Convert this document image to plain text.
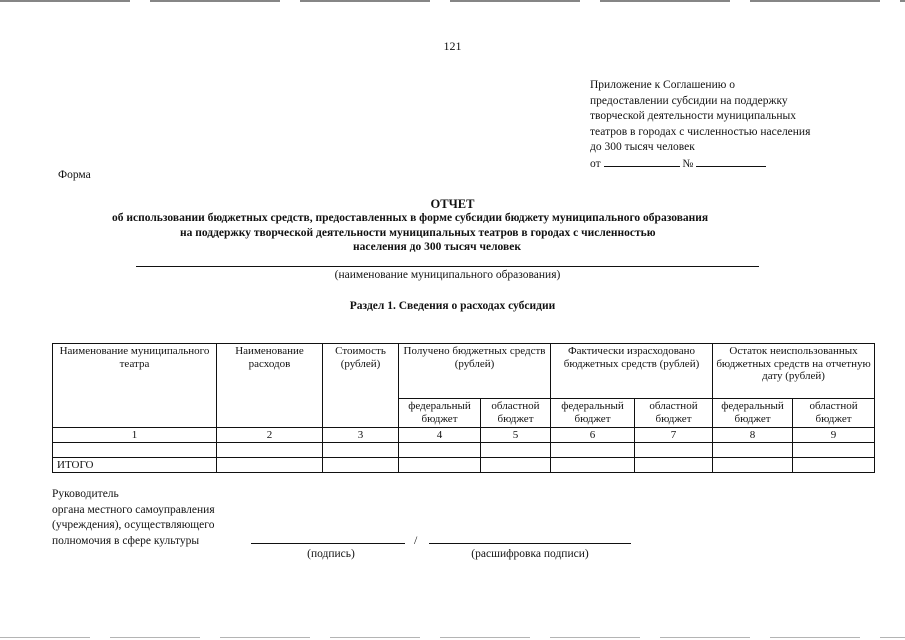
121
Приложение к Соглашению о
предоставлении субсидии на поддержку
творческой деятельности муниципальных
театров в городах с численностью населения
до 300 тысяч человек
от	№
Форма
ОТЧЕТ
об использовании бюджетных средств, предоставленных в форме субсидии бюджету муниципального образования
на поддержку творческой деятельности муниципальных театров в городах с численностью
населения до 300 тысяч человек
(наименование муниципального образования)
Раздел 1. Сведения о расходах субсидии
Наименование муниципального театра	Наименование расходов	Стоимость (рублей)	Получено бюджетных средств (рублей)		Фактически израсходовано бюджетных средств (рублей)		Остаток неиспользованных бюджетных средств на отчетную дату (рублей)	
			федеральный бюджет	областной бюджет	федеральный бюджет	областной бюджет	федеральный бюджет	областной бюджет
1	2	3	4	5	6	7	8	9

ИТОГО								
Руководитель
органа местного самоуправления
(учреждения), осуществляющего
полномочия в сфере культуры	/
(подпись)	(расшифровка подписи)
